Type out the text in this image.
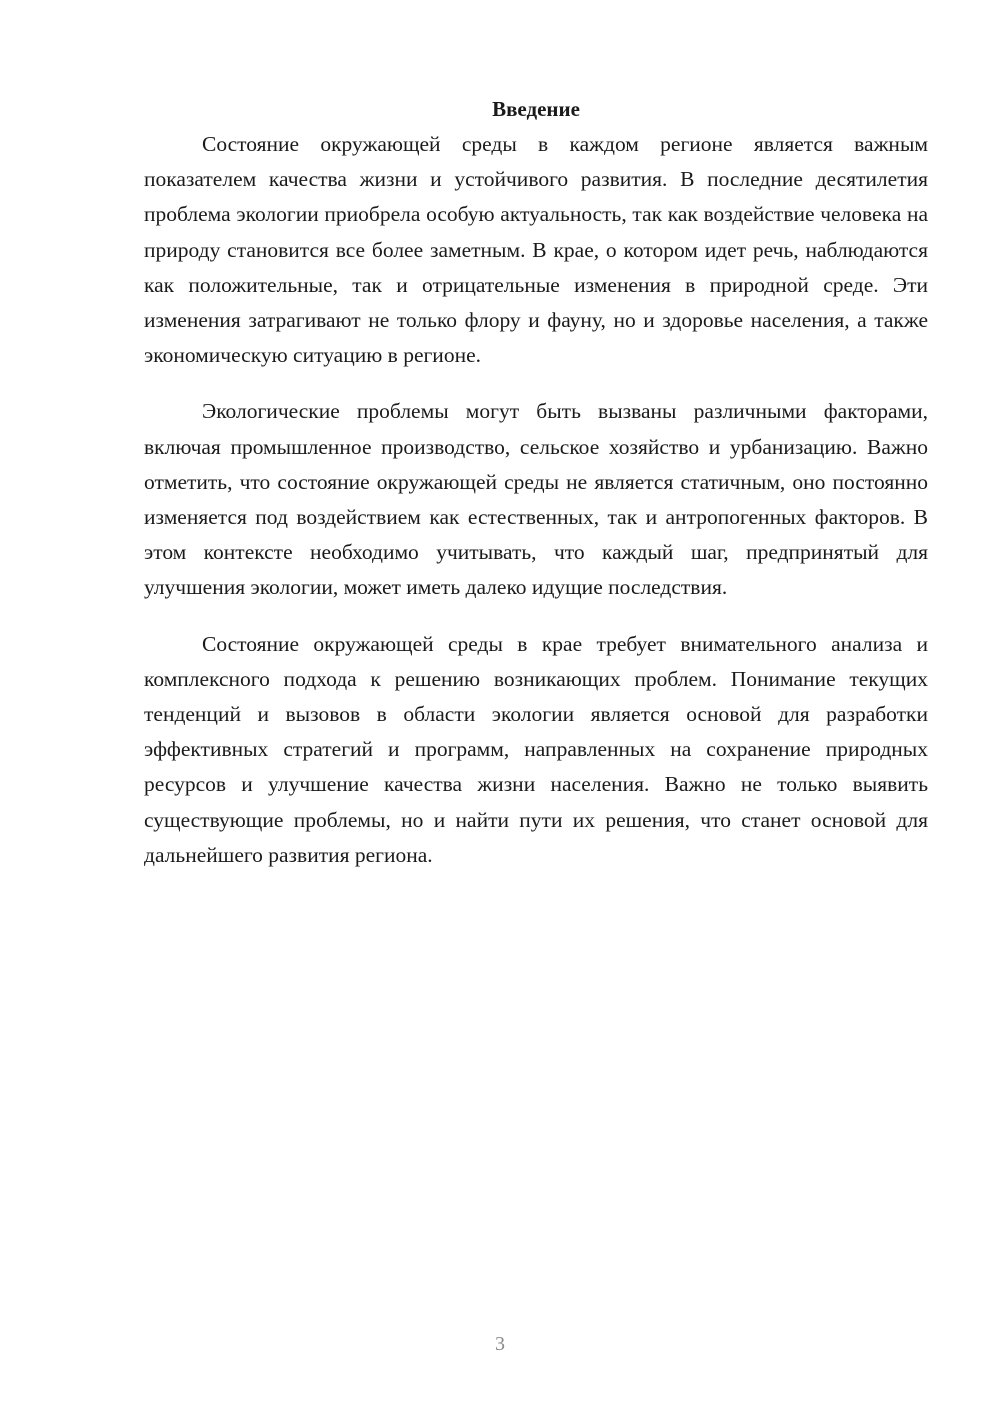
Введение

Состояние окружающей среды в каждом регионе является важным показателем качества жизни и устойчивого развития. В последние десятилетия проблема экологии приобрела особую актуальность, так как воздействие человека на природу становится все более заметным. В крае, о котором идет речь, наблюдаются как положительные, так и отрицательные изменения в природной среде. Эти изменения затрагивают не только флору и фауну, но и здоровье населения, а также экономическую ситуацию в регионе.

Экологические проблемы могут быть вызваны различными факторами, включая промышленное производство, сельское хозяйство и урбанизацию. Важно отметить, что состояние окружающей среды не является статичным, оно постоянно изменяется под воздействием как естественных, так и антропогенных факторов. В этом контексте необходимо учитывать, что каждый шаг, предпринятый для улучшения экологии, может иметь далеко идущие последствия.

Состояние окружающей среды в крае требует внимательного анализа и комплексного подхода к решению возникающих проблем. Понимание текущих тенденций и вызовов в области экологии является основой для разработки эффективных стратегий и программ, направленных на сохранение природных ресурсов и улучшение качества жизни населения. Важно не только выявить существующие проблемы, но и найти пути их решения, что станет основой для дальнейшего развития региона.

3
